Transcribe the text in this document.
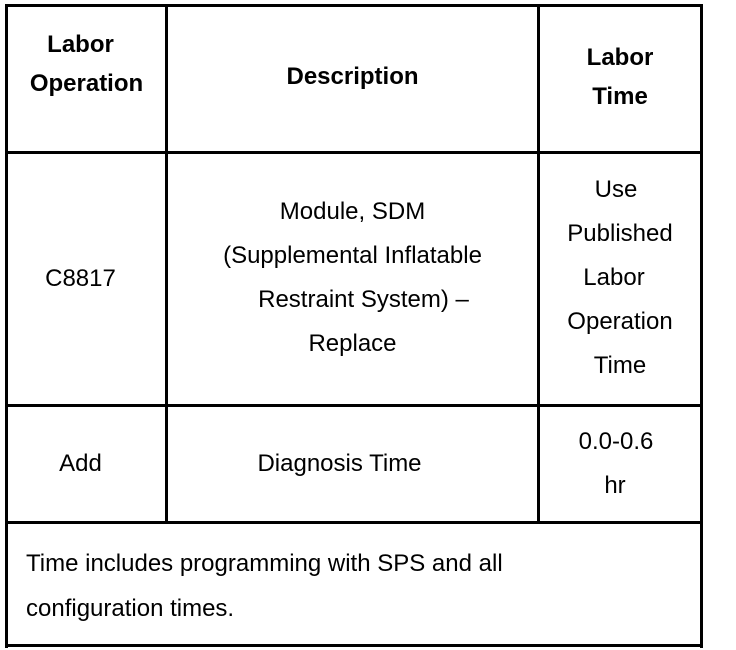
Labor
Operation	Description
Labor
Time
C8817
Module, SDM
(Supplemental Inflatable
Restraint System) –
Replace
Use
Published
Labor
Operation
Time
Add	Diagnosis Time
0.0-0.6
hr
Time includes programming with SPS and all
configuration times.
